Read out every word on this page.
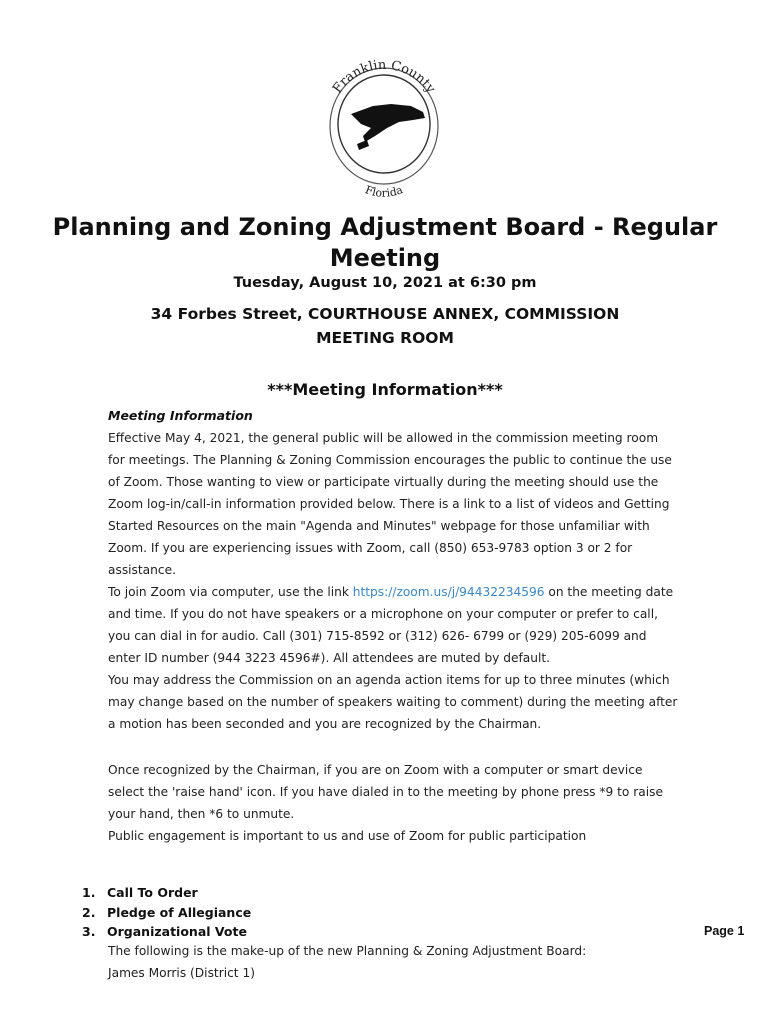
Franklin County
Florida
Planning and Zoning Adjustment Board - Regular Meeting

Tuesday, August 10, 2021 at 6:30 pm

34 Forbes Street, COURTHOUSE ANNEX, COMMISSION MEETING ROOM

***Meeting Information***

Meeting Information

Effective May 4, 2021, the general public will be allowed in the commission meeting room for meetings. The Planning & Zoning Commission encourages the public to continue the use of Zoom. Those wanting to view or participate virtually during the meeting should use the Zoom log-in/call-in information provided below. There is a link to a list of videos and Getting Started Resources on the main "Agenda and Minutes" webpage for those unfamiliar with Zoom. If you are experiencing issues with Zoom, call (850) 653-9783 option 3 or 2 for assistance.

To join Zoom via computer, use the link https://zoom.us/j/94432234596 on the meeting date and time. If you do not have speakers or a microphone on your computer or prefer to call, you can dial in for audio. Call (301) 715-8592 or (312) 626- 6799 or (929) 205-6099 and enter ID number (944 3223 4596#). All attendees are muted by default.

You may address the Commission on an agenda action items for up to three minutes (which may change based on the number of speakers waiting to comment) during the meeting after a motion has been seconded and you are recognized by the Chairman.

Once recognized by the Chairman, if you are on Zoom with a computer or smart device select the 'raise hand' icon. If you have dialed in to the meeting by phone press *9 to raise your hand, then *6 to unmute.

Public engagement is important to us and use of Zoom for public participation

1. Call To Order
2. Pledge of Allegiance
3. Organizational Vote

The following is the make-up of the new Planning & Zoning Adjustment Board:

James Morris (District 1)

Page 1
